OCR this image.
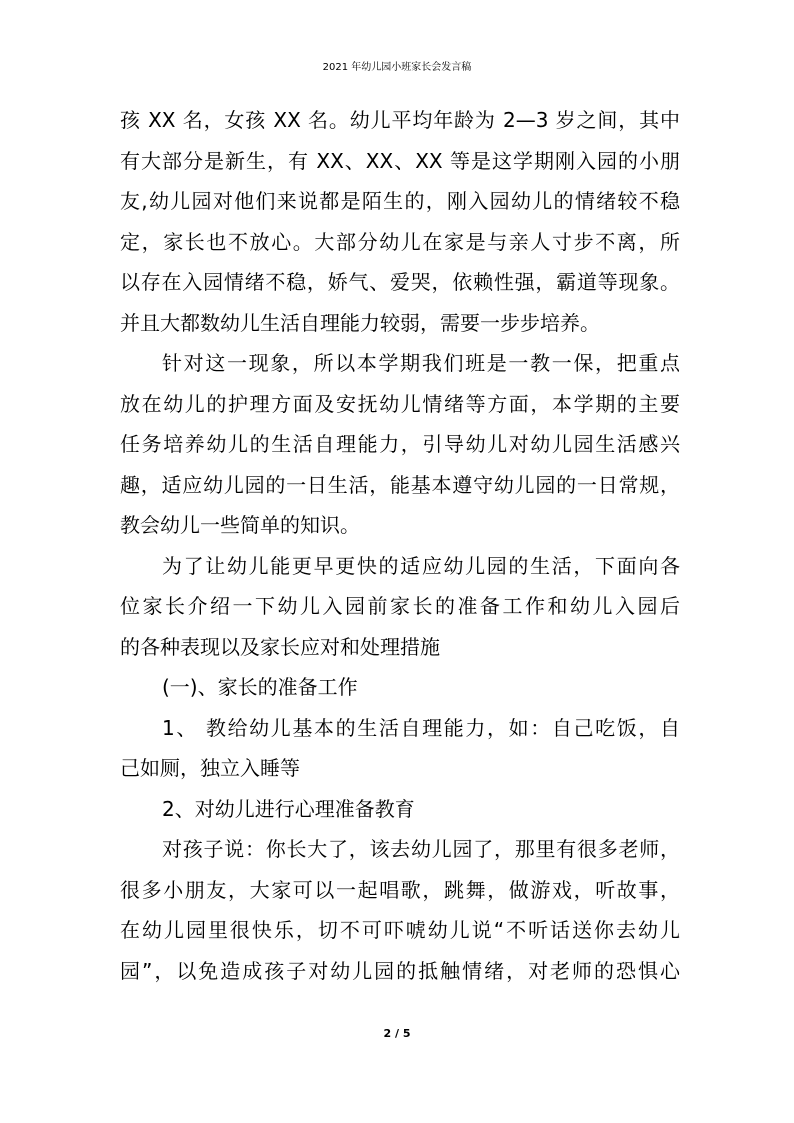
2021 年幼儿园小班家长会发言稿
孩 XX 名，女孩 XX 名。幼儿平均年龄为 2—3 岁之间，其中
有大部分是新生，有 XX、XX、XX 等是这学期刚入园的小朋
友,幼儿园对他们来说都是陌生的，刚入园幼儿的情绪较不稳
定，家长也不放心。大部分幼儿在家是与亲人寸步不离，所
以存在入园情绪不稳，娇气、爱哭，依赖性强，霸道等现象。
并且大都数幼儿生活自理能力较弱，需要一步步培养。
针对这一现象，所以本学期我们班是一教一保，把重点
放在幼儿的护理方面及安抚幼儿情绪等方面，本学期的主要
任务培养幼儿的生活自理能力，引导幼儿对幼儿园生活感兴
趣，适应幼儿园的一日生活，能基本遵守幼儿园的一日常规，
教会幼儿一些简单的知识。
为了让幼儿能更早更快的适应幼儿园的生活，下面向各
位家长介绍一下幼儿入园前家长的准备工作和幼儿入园后
的各种表现以及家长应对和处理措施
(一)、家长的准备工作
1、 教给幼儿基本的生活自理能力，如：自己吃饭，自
己如厕，独立入睡等
2、对幼儿进行心理准备教育
对孩子说：你长大了，该去幼儿园了，那里有很多老师，
很多小朋友，大家可以一起唱歌，跳舞，做游戏，听故事，
在幼儿园里很快乐，切不可吓唬幼儿说“不听话送你去幼儿
园”，以免造成孩子对幼儿园的抵触情绪，对老师的恐惧心
2 / 5
